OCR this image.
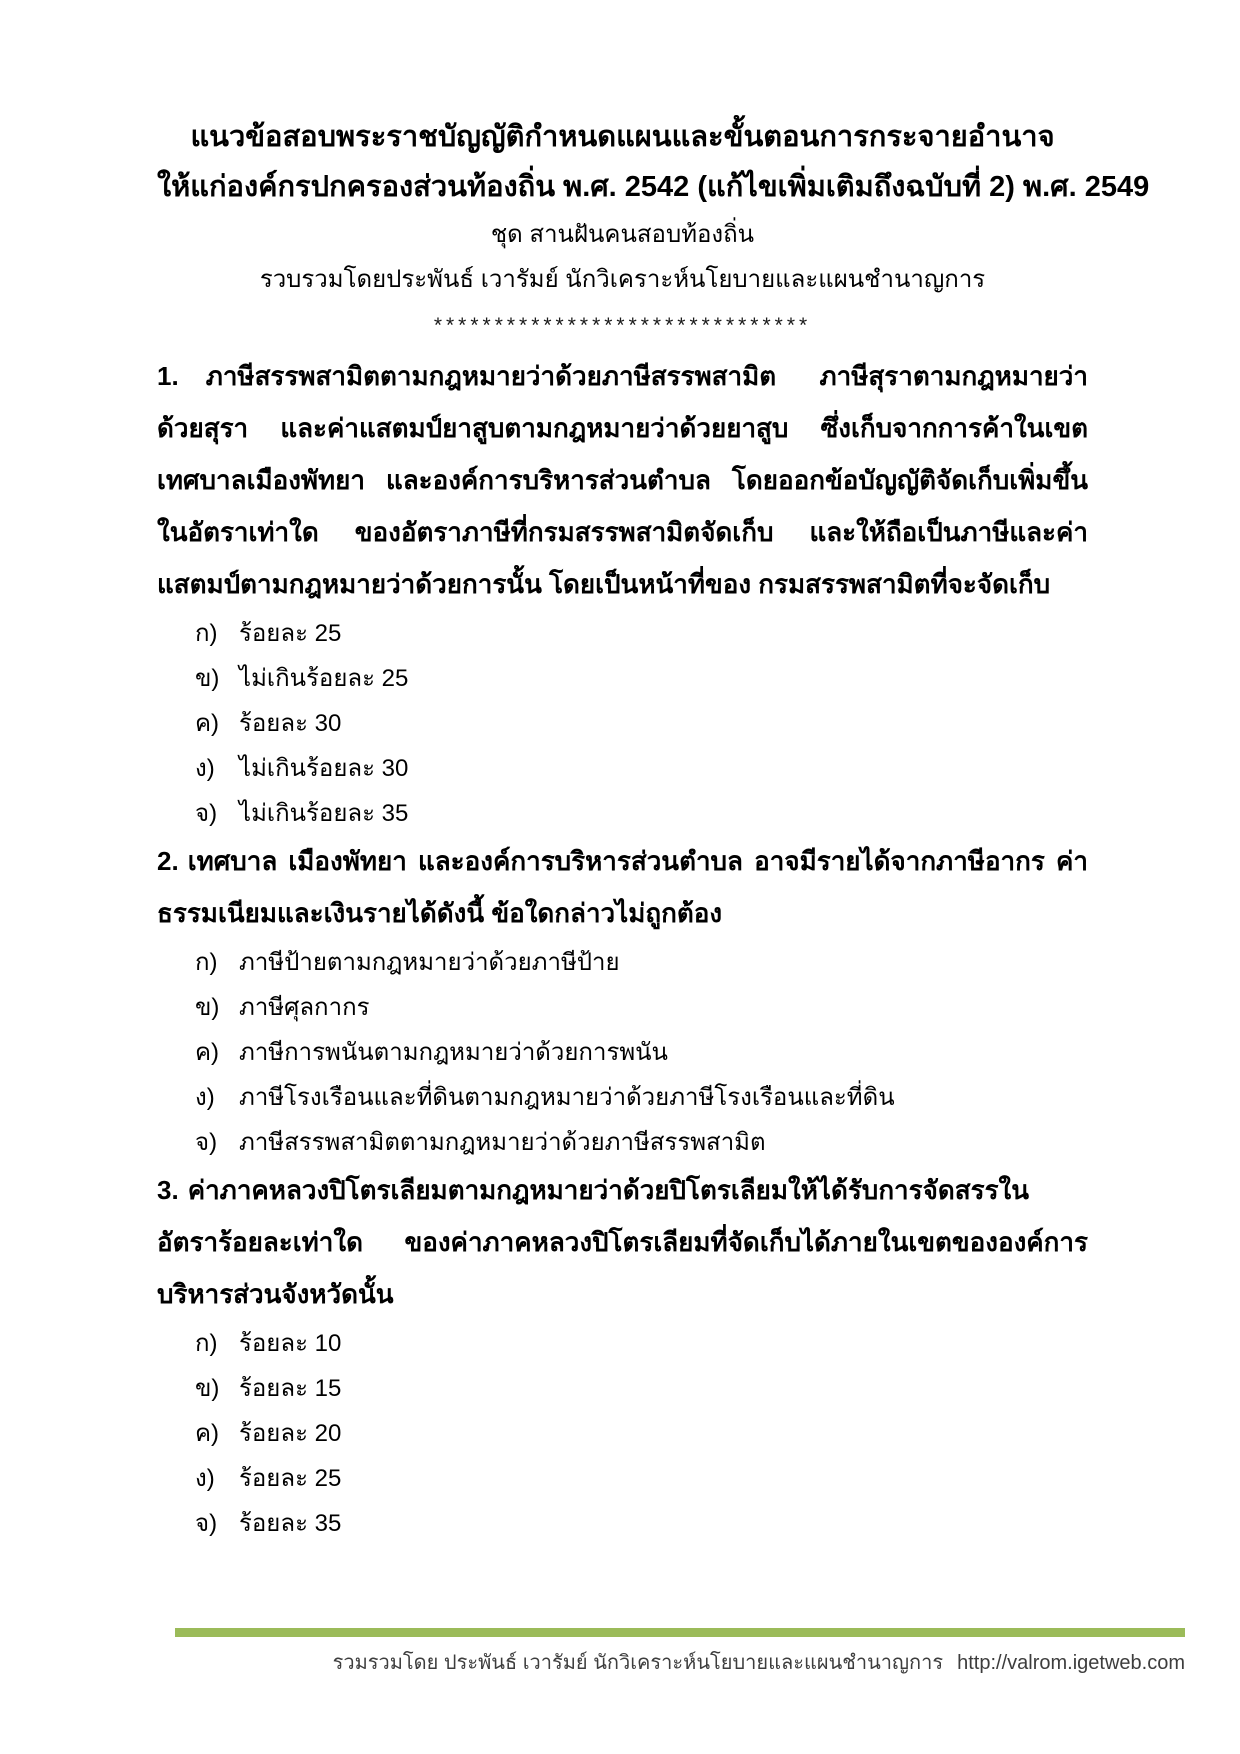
แนวข้อสอบพระราชบัญญัติกำหนดแผนและขั้นตอนการกระจายอำนาจ
ให้แก่องค์กรปกครองส่วนท้องถิ่น พ.ศ. 2542 (แก้ไขเพิ่มเติมถึงฉบับที่ 2) พ.ศ. 2549
ชุด สานฝันคนสอบท้องถิ่น
รวบรวมโดยประพันธ์ เวารัมย์ นักวิเคราะห์นโยบายและแผนชำนาญการ
*******************************

1. ภาษีสรรพสามิตตามกฎหมายว่าด้วยภาษีสรรพสามิต ภาษีสุราตามกฎหมายว่าด้วยสุรา และค่าแสตมป์ยาสูบตามกฎหมายว่าด้วยยาสูบ ซึ่งเก็บจากการค้าในเขตเทศบาลเมืองพัทยา และองค์การบริหารส่วนตำบล โดยออกข้อบัญญัติจัดเก็บเพิ่มขึ้นในอัตราเท่าใด ของอัตราภาษีที่กรมสรรพสามิตจัดเก็บ และให้ถือเป็นภาษีและค่าแสตมป์ตามกฎหมายว่าด้วยการนั้น โดยเป็นหน้าที่ของ กรมสรรพสามิตที่จะจัดเก็บ

ก) ร้อยละ 25
ข) ไม่เกินร้อยละ 25
ค) ร้อยละ 30
ง)	ไม่เกินร้อยละ 30
จ) ไม่เกินร้อยละ 35

2. เทศบาล เมืองพัทยา และองค์การบริหารส่วนตำบล อาจมีรายได้จากภาษีอากร ค่าธรรมเนียมและเงินรายได้ดังนี้ ข้อใดกล่าวไม่ถูกต้อง

ก) ภาษีป้ายตามกฎหมายว่าด้วยภาษีป้าย
ข) ภาษีศุลกากร
ค) ภาษีการพนันตามกฎหมายว่าด้วยการพนัน
ง)	ภาษีโรงเรือนและที่ดินตามกฎหมายว่าด้วยภาษีโรงเรือนและที่ดิน
จ) ภาษีสรรพสามิตตามกฎหมายว่าด้วยภาษีสรรพสามิต

3. ค่าภาคหลวงปิโตรเลียมตามกฎหมายว่าด้วยปิโตรเลียมให้ได้รับการจัดสรรในอัตราร้อยละเท่าใด ของค่าภาคหลวงปิโตรเลียมที่จัดเก็บได้ภายในเขตขององค์การบริหารส่วนจังหวัดนั้น

ก) ร้อยละ 10
ข) ร้อยละ 15
ค) ร้อยละ 20
ง)	ร้อยละ 25
จ) ร้อยละ 35
รวมรวมโดย ประพันธ์ เวารัมย์ นักวิเคราะห์นโยบายและแผนชำนาญการ http://valrom.igetweb.com
